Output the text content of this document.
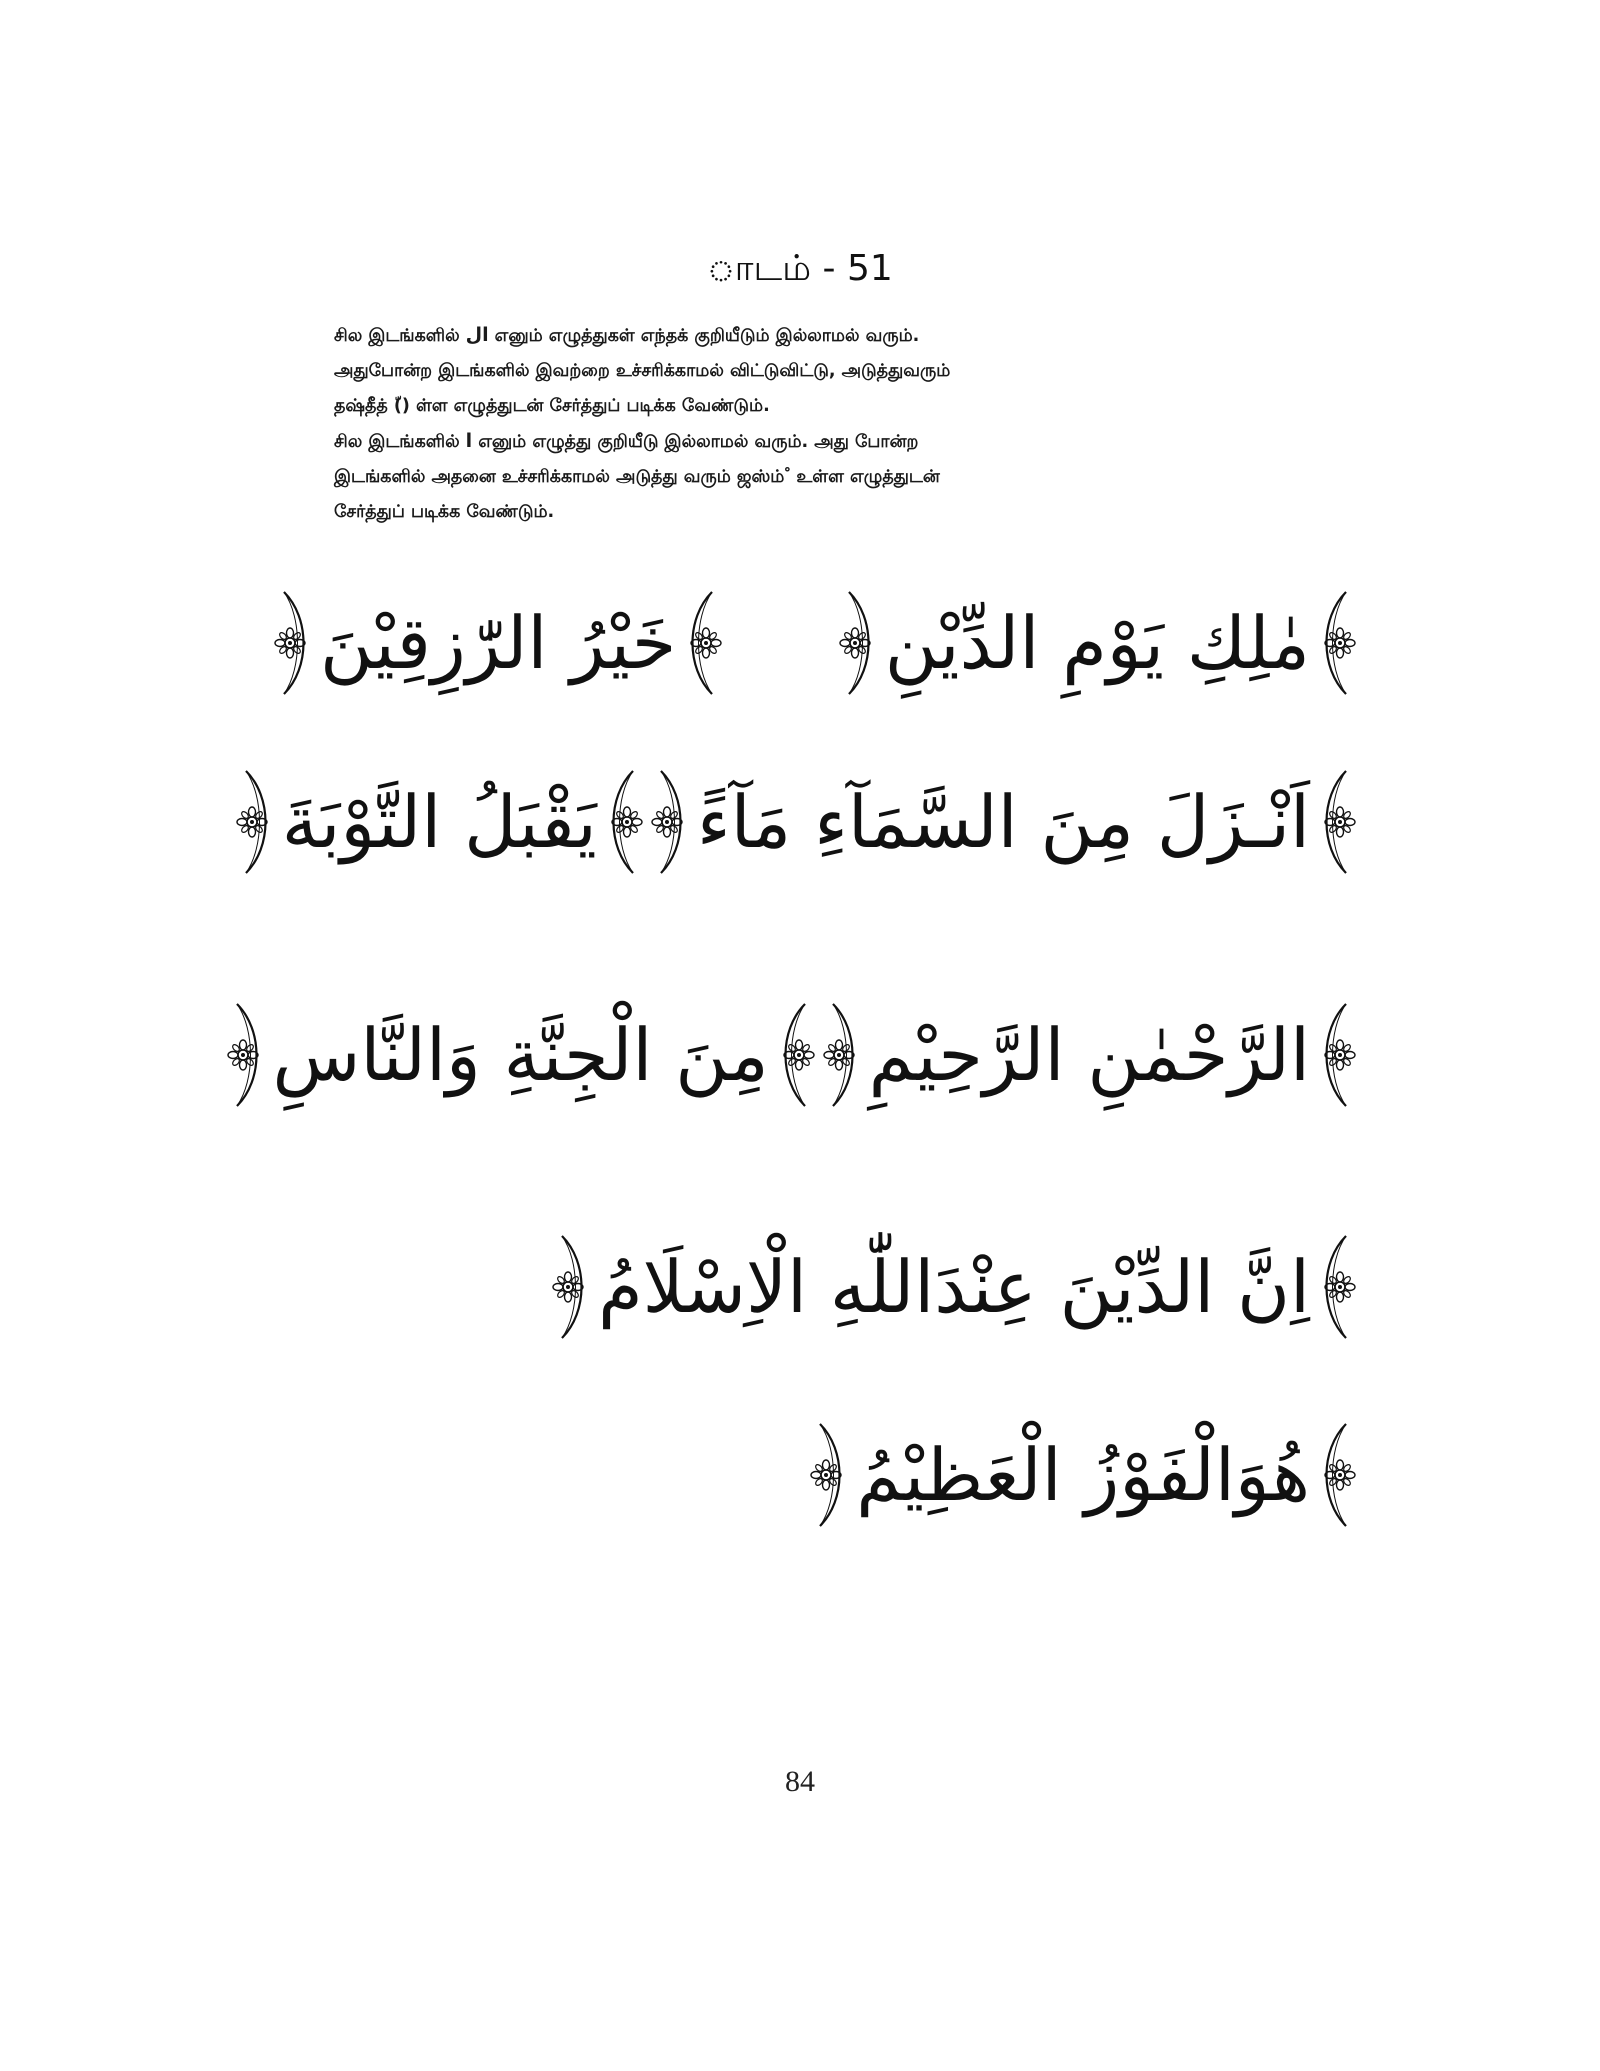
ாடம் - 51

சில இடங்களில் ال எனும் எழுத்துகள் எந்தக் குறியீடும் இல்லாமல் வரும்.
அதுபோன்ற இடங்களில் இவற்றை உச்சரிக்காமல் விட்டுவிட்டு, அடுத்துவரும்
தஷ்தீத் (ّ) ள்ள எழுத்துடன் சேர்த்துப் படிக்க வேண்டும்.

சில இடங்களில் ا எனும் எழுத்து குறியீடு இல்லாமல் வரும். அது போன்ற
இடங்களில் அதனை உச்சரிக்காமல் அடுத்து வரும் ஜஸ்ம் ْ உள்ள எழுத்துடன்
சேர்த்துப் படிக்க வேண்டும்.

مٰلِكِ يَوْمِ الدِّيْنِ
خَيْرُ الرّٰزِقِيْنَ
اَنْـزَلَ مِنَ السَّمَآءِ مَآءً
يَقْبَلُ التَّوْبَةَ
الرَّحْمٰنِ الرَّحِيْمِ
مِنَ الْجِنَّةِ وَالنَّاسِ
اِنَّ الدِّيْنَ عِنْدَاللّٰهِ الْاِسْلَامُ
هُوَالْفَوْزُ الْعَظِيْمُ
84
